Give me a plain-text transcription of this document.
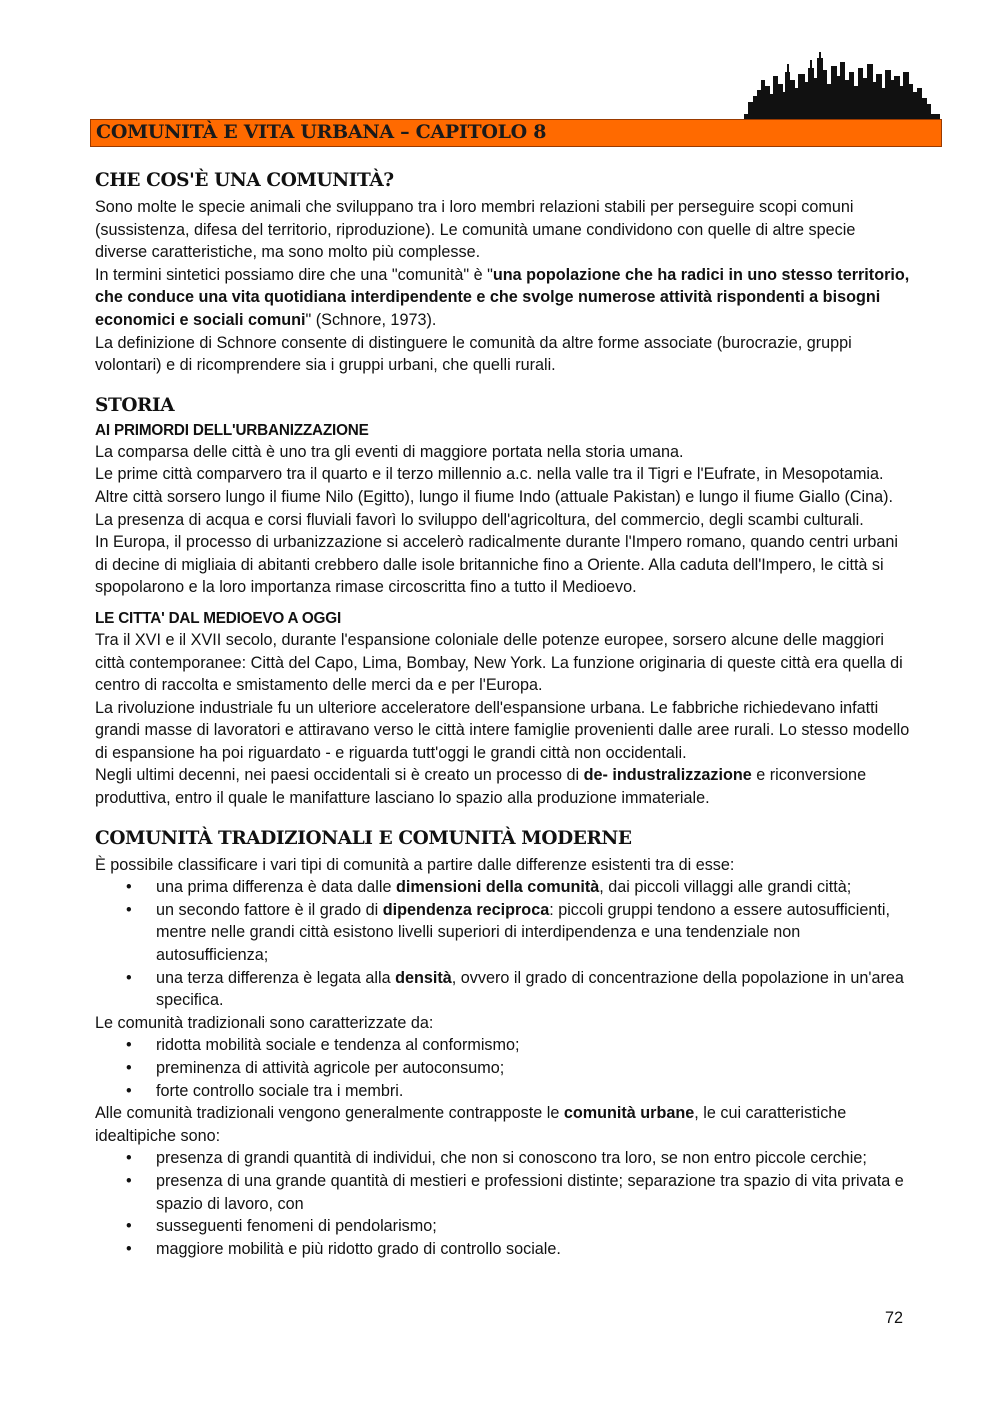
COMUNITÀ E VITA URBANA – CAPITOLO 8
CHE COS'È UNA COMUNITÀ?

Sono molte le specie animali che sviluppano tra i loro membri relazioni stabili per perseguire scopi comuni (sussistenza, difesa del territorio, riproduzione). Le comunità umane condividono con quelle di altre specie diverse caratteristiche, ma sono molto più complesse.

In termini sintetici possiamo dire che una "comunità" è "una popolazione che ha radici in uno stesso territorio, che conduce una vita quotidiana interdipendente e che svolge numerose attività rispondenti a bisogni economici e sociali comuni" (Schnore, 1973).

La definizione di Schnore consente di distinguere le comunità da altre forme associate (burocrazie, gruppi volontari) e di ricomprendere sia i gruppi urbani, che quelli rurali.

STORIA
AI PRIMORDI DELL'URBANIZZAZIONE

La comparsa delle città è uno tra gli eventi di maggiore portata nella storia umana.

Le prime città comparvero tra il quarto e il terzo millennio a.c. nella valle tra il Tigri e l'Eufrate, in Mesopotamia. Altre città sorsero lungo il fiume Nilo (Egitto), lungo il fiume Indo (attuale Pakistan) e lungo il fiume Giallo (Cina). La presenza di acqua e corsi fluviali favorì lo sviluppo dell'agricoltura, del commercio, degli scambi culturali.

In Europa, il processo di urbanizzazione si accelerò radicalmente durante l'Impero romano, quando centri urbani di decine di migliaia di abitanti crebbero dalle isole britanniche fino a Oriente. Alla caduta dell'Impero, le città si spopolarono e la loro importanza rimase circoscritta fino a tutto il Medioevo.

LE CITTA' DAL MEDIOEVO A OGGI

Tra il XVI e il XVII secolo, durante l'espansione coloniale delle potenze europee, sorsero alcune delle maggiori città contemporanee: Città del Capo, Lima, Bombay, New York. La funzione originaria di queste città era quella di centro di raccolta e smistamento delle merci da e per l'Europa.

La rivoluzione industriale fu un ulteriore acceleratore dell'espansione urbana. Le fabbriche richiedevano infatti grandi masse di lavoratori e attiravano verso le città intere famiglie provenienti dalle aree rurali. Lo stesso modello di espansione ha poi riguardato - e riguarda tutt'oggi le grandi città non occidentali.

Negli ultimi decenni, nei paesi occidentali si è creato un processo di de- industralizzazione e riconversione produttiva, entro il quale le manifatture lasciano lo spazio alla produzione immateriale.

COMUNITÀ TRADIZIONALI E COMUNITÀ MODERNE

È possibile classificare i vari tipi di comunità a partire dalle differenze esistenti tra di esse:

• una prima differenza è data dalle dimensioni della comunità, dai piccoli villaggi alle grandi città;
• un secondo fattore è il grado di dipendenza reciproca: piccoli gruppi tendono a essere autosufficienti, mentre nelle grandi città esistono livelli superiori di interdipendenza e una tendenziale non autosufficienza;
• una terza differenza è legata alla densità, ovvero il grado di concentrazione della popolazione in un'area specifica.

Le comunità tradizionali sono caratterizzate da:

• ridotta mobilità sociale e tendenza al conformismo;
• preminenza di attività agricole per autoconsumo;
• forte controllo sociale tra i membri.

Alle comunità tradizionali vengono generalmente contrapposte le comunità urbane, le cui caratteristiche idealtipiche sono:

• presenza di grandi quantità di individui, che non si conoscono tra loro, se non entro piccole cerchie;
• presenza di una grande quantità di mestieri e professioni distinte; separazione tra spazio di vita privata e spazio di lavoro, con
• susseguenti fenomeni di pendolarismo;
• maggiore mobilità e più ridotto grado di controllo sociale.
72
